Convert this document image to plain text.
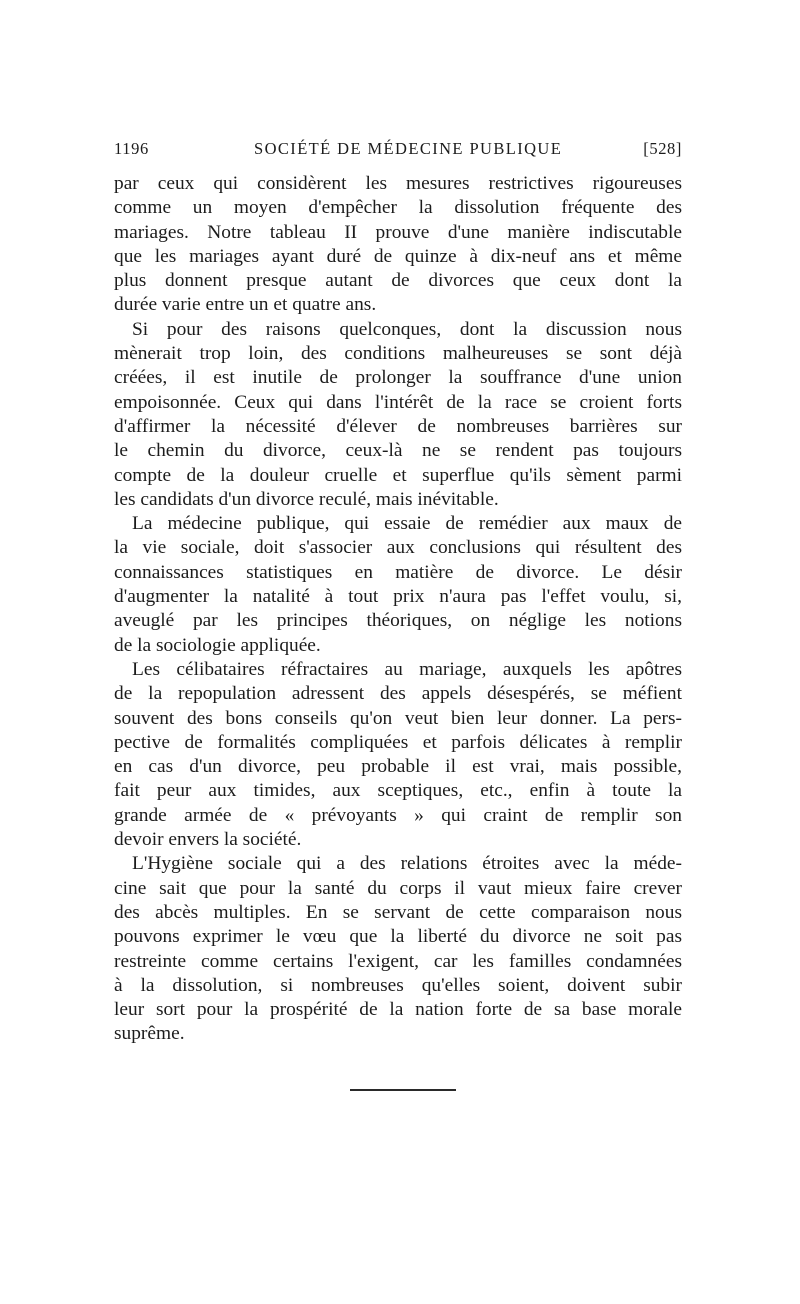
1196	SOCIÉTÉ DE MÉDECINE PUBLIQUE	[528]
par ceux qui considèrent les mesures restrictives rigoureuses
comme un moyen d'empêcher la dissolution fréquente des
mariages. Notre tableau II prouve d'une manière indiscutable
que les mariages ayant duré de quinze à dix-neuf ans et même
plus donnent presque autant de divorces que ceux dont la
durée varie entre un et quatre ans.
Si pour des raisons quelconques, dont la discussion nous
mènerait trop loin, des conditions malheureuses se sont déjà
créées, il est inutile de prolonger la souffrance d'une union
empoisonnée. Ceux qui dans l'intérêt de la race se croient forts
d'affirmer la nécessité d'élever de nombreuses barrières sur
le chemin du divorce, ceux-là ne se rendent pas toujours
compte de la douleur cruelle et superflue qu'ils sèment parmi
les candidats d'un divorce reculé, mais inévitable.
La médecine publique, qui essaie de remédier aux maux de
la vie sociale, doit s'associer aux conclusions qui résultent des
connaissances statistiques en matière de divorce. Le désir
d'augmenter la natalité à tout prix n'aura pas l'effet voulu, si,
aveuglé par les principes théoriques, on néglige les notions
de la sociologie appliquée.
Les célibataires réfractaires au mariage, auxquels les apôtres
de la repopulation adressent des appels désespérés, se méfient
souvent des bons conseils qu'on veut bien leur donner. La pers-
pective de formalités compliquées et parfois délicates à remplir
en cas d'un divorce, peu probable il est vrai, mais possible,
fait peur aux timides, aux sceptiques, etc., enfin à toute la
grande armée de « prévoyants » qui craint de remplir son
devoir envers la société.
L'Hygiène sociale qui a des relations étroites avec la méde-
cine sait que pour la santé du corps il vaut mieux faire crever
des abcès multiples. En se servant de cette comparaison nous
pouvons exprimer le vœu que la liberté du divorce ne soit pas
restreinte comme certains l'exigent, car les familles condamnées
à la dissolution, si nombreuses qu'elles soient, doivent subir
leur sort pour la prospérité de la nation forte de sa base morale
suprême.
